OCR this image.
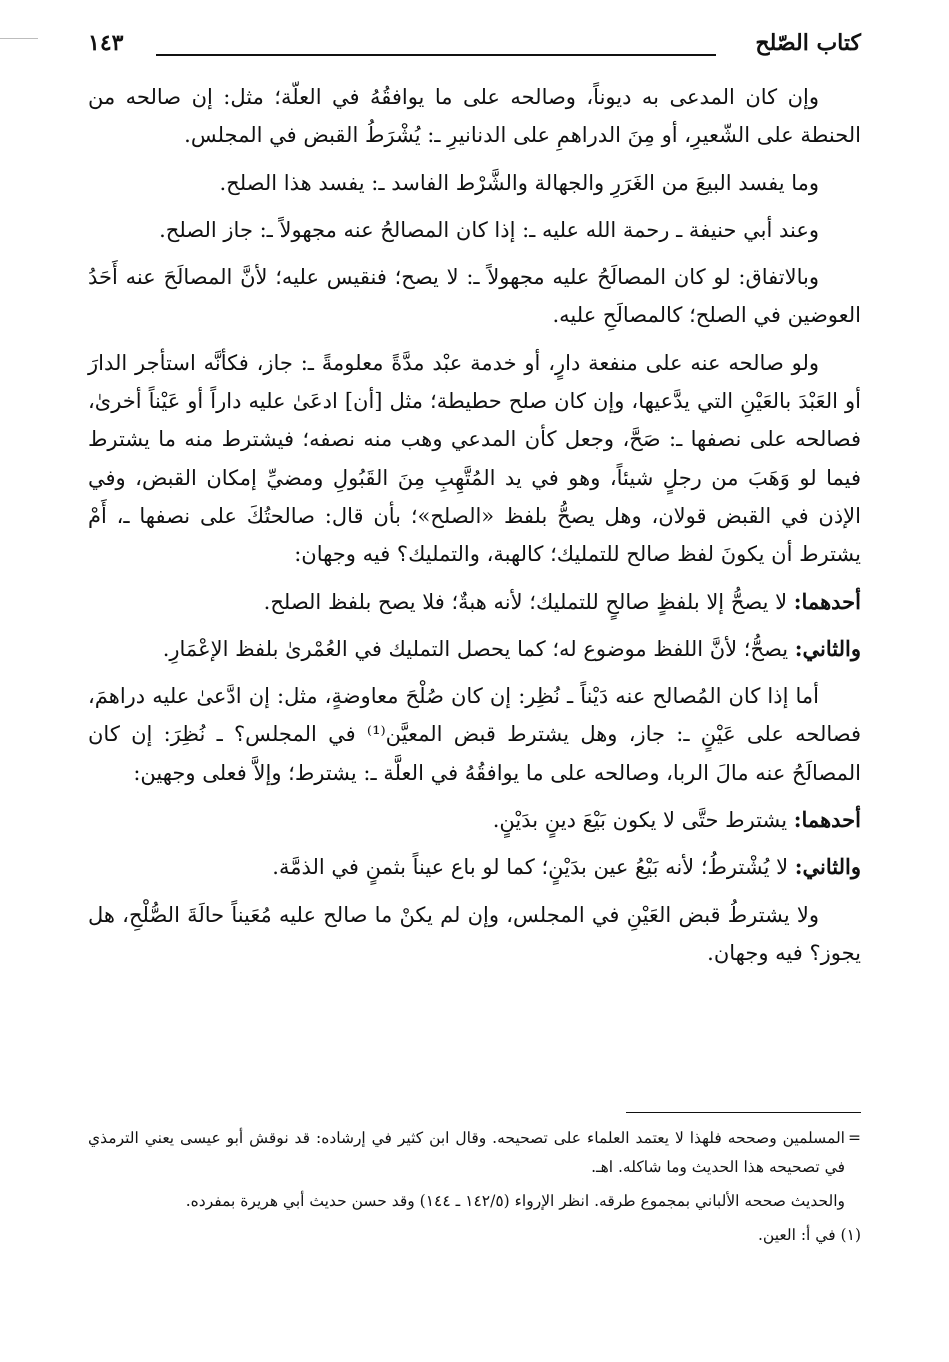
كتاب الصّلح
١٤٣

وإن كان المدعى به ديوناً، وصالحه على ما يوافقُهُ في العلّة؛ مثل: إن صالحه من الحنطة على الشّعيرِ، أو مِنَ الدراهمِ على الدنانيرِ ـ: يُشْرَطُ القبض في المجلس.

وما يفسد البيعَ من الغَرَرِ والجهالة والشَّرْط الفاسد ـ: يفسد هذا الصلح.

وعند أبي حنيفة ـ رحمة الله عليه ـ: إذا كان المصالحُ عنه مجهولاً ـ: جاز الصلح.

وبالاتفاق: لو كان المصالَحُ عليه مجهولاً ـ: لا يصح؛ فنقيس عليه؛ لأنَّ المصالَحَ عنه أَحَدُ العوضين في الصلح؛ كالمصالَحِ عليه.

ولو صالحه عنه على منفعة دارٍ، أو خدمة عبْد مدَّةً معلومةً ـ: جاز، فكأنَّه استأجر الدارَ أو العَبْدَ بالعَيْنِ التي يدَّعيها، وإن كان صلح حطيطة؛ مثل [أن] ادعَىٰ عليه داراً أو عَيْناً أخرىٰ، فصالحه على نصفها ـ: صَحَّ، وجعل كأن المدعي وهب منه نصفه؛ فيشترط منه ما يشترط فيما لو وَهَبَ من رجلٍ شيئاً، وهو في يد المُتَّهِبِ مِنَ القَبُولِ ومضيِّ إمكان القبض، وفي الإذن في القبض قولان، وهل يصحُّ بلفظ «الصلح»؛ بأن قال: صالحتُكَ على نصفها ـ، أَمْ يشترط أن يكونَ لفظ صالح للتمليك؛ كالهبة، والتمليك؟ فيه وجهان:

أحدهما: لا يصحُّ إلا بلفظٍ صالحٍ للتمليك؛ لأنه هبةٌ؛ فلا يصح بلفظ الصلح.

والثاني: يصحُّ؛ لأنَّ اللفظ موضوع له؛ كما يحصل التمليك في العُمْرىٰ بلفظ الإعْمَارِ.

أما إذا كان المُصالح عنه دَيْناً ـ نُظِر: إن كان صُلْحَ معاوضةٍ، مثل: إن ادَّعىٰ عليه دراهمَ، فصالحه على عَيْنٍ ـ: جاز، وهل يشترط قبض المعيَّن⁽¹⁾ في المجلس؟ ـ نُظِرَ: إن كان المصالَحُ عنه مالَ الربا، وصالحه على ما يوافقُهُ في العلَّة ـ: يشترط؛ وإلاَّ فعلى وجهين:

أحدهما: يشترط حتَّى لا يكون بَيْعَ دينٍ بدَيْنٍ.

والثاني: لا يُشْترطُ؛ لأنه بَيْعُ عين بدَيْنٍ؛ كما لو باع عيناً بثمنٍ في الذمَّة.

ولا يشترطُ قبض العَيْنِ في المجلس، وإن لم يكنْ ما صالح عليه مُعَيناً حالَةَ الصُّلْحِ، هل يجوز؟ فيه وجهان.

=
المسلمين وصححه فلهذا لا يعتمد العلماء على تصحيحه. وقال ابن كثير في إرشاده: قد نوقش أبو عيسى يعني الترمذي في تصحيحه هذا الحديث وما شاكله. اهـ.

والحديث صححه الألباني بمجموع طرقه. انظر الإرواء (١٤٢/٥ ـ ١٤٤) وقد حسن حديث أبي هريرة بمفرده.

(١) في أ: العين.
